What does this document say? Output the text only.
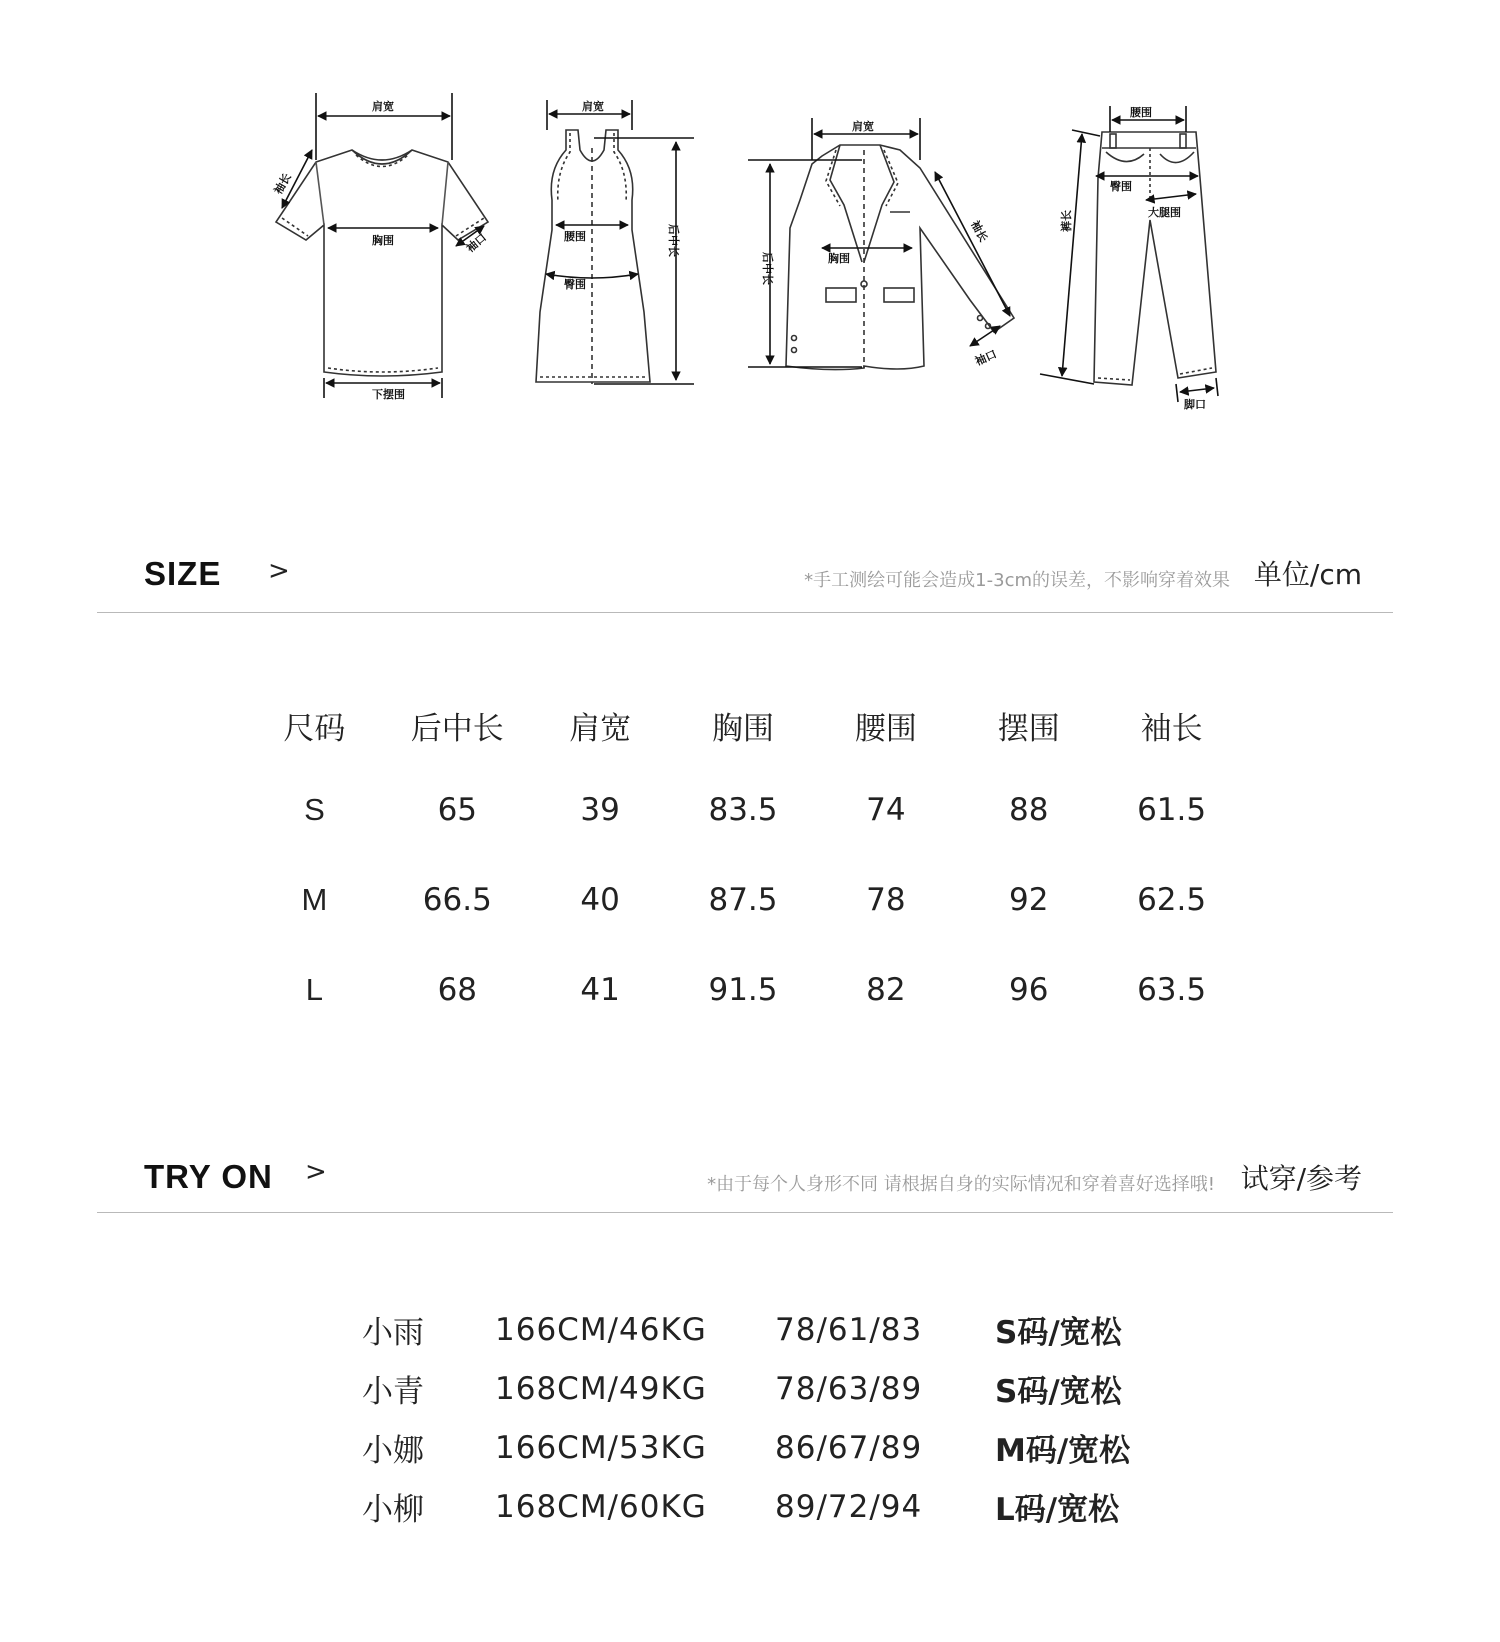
肩宽
袖长
胸围	袖口
下摆围
肩宽
腰围
臀围
后中长
肩宽
后中长	胸围
袖长
袖口
腰围
臀围
大腿围
裤长
脚口
SIZE >	*手工测绘可能会造成1-3cm的误差，不影响穿着效果 单位/cm
尺码	后中长	肩宽	胸围	腰围	摆围	袖长
S	65	39	83.5	74	88	61.5
M	66.5	40	87.5	78	92	62.5
L	68	41	91.5	82	96	63.5
TRY ON >	*由于每个人身形不同 请根据自身的实际情况和穿着喜好选择哦! 试穿/参考
小雨	166CM/46KG	78/61/83	S码/宽松
小青	168CM/49KG	78/63/89	S码/宽松
小娜	166CM/53KG	86/67/89	M码/宽松
小柳	168CM/60KG	89/72/94	L码/宽松
